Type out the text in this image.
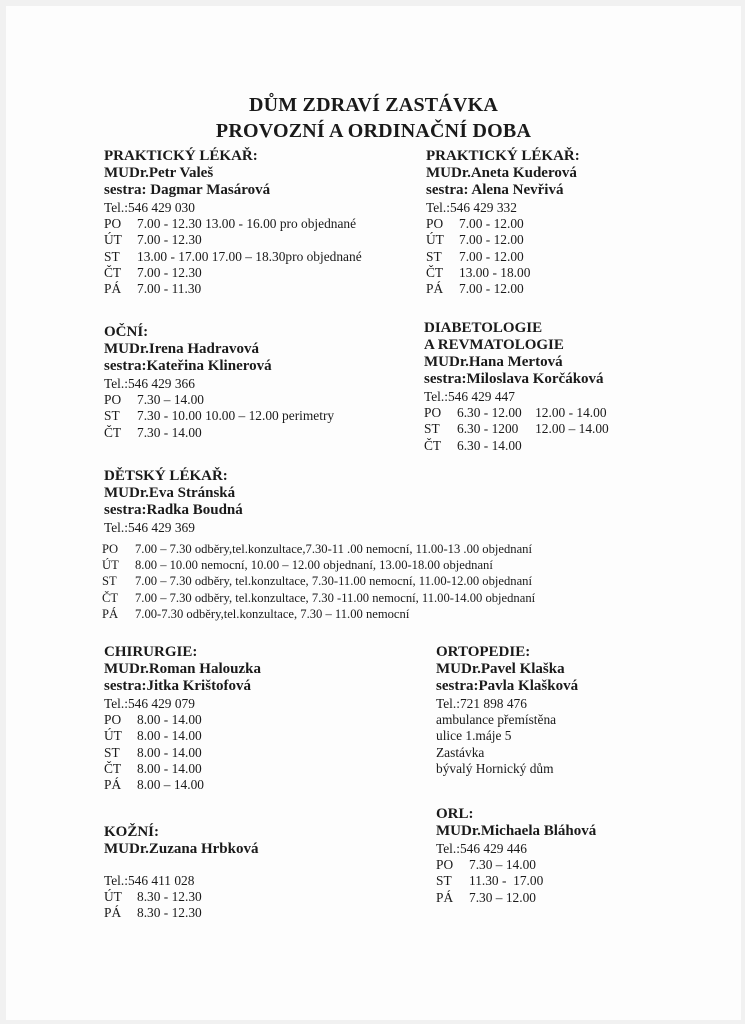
DŮM ZDRAVÍ ZASTÁVKA
PROVOZNÍ A ORDINAČNÍ DOBA
PRAKTICKÝ LÉKAŘ:
MUDr.Petr Valeš
sestra: Dagmar Masárová
Tel.:546 429 030
PO 7.00 - 12.30 13.00 - 16.00 pro objednané
ÚT 7.00 - 12.30
ST 13.00 - 17.00 17.00 – 18.30pro objednané
ČT 7.00 - 12.30
PÁ 7.00 - 11.30
PRAKTICKÝ LÉKAŘ:
MUDr.Aneta Kuderová
sestra: Alena Nevřivá
Tel.:546 429 332
PO 7.00 - 12.00
ÚT 7.00 - 12.00
ST 7.00 - 12.00
ČT 13.00 - 18.00
PÁ 7.00 - 12.00
OČNÍ:
MUDr.Irena Hadravová
sestra:Kateřina Klinerová
Tel.:546 429 366
PO 7.30 – 14.00
ST 7.30 - 10.00 10.00 – 12.00 perimetry
ČT 7.30 - 14.00
DIABETOLOGIE
A REVMATOLOGIE
MUDr.Hana Mertová
sestra:Miloslava Korčáková
Tel.:546 429 447
PO 6.30 - 12.00    12.00 - 14.00
ST 6.30 - 1200     12.00 – 14.00
ČT 6.30 - 14.00
DĚTSKÝ LÉKAŘ:
MUDr.Eva Stránská
sestra:Radka Boudná
Tel.:546 429 369
PO 7.00 – 7.30 odběry,tel.konzultace,7.30-11 .00 nemocní, 11.00-13 .00 objednaní
ÚT 8.00 – 10.00 nemocní, 10.00 – 12.00 objednaní, 13.00-18.00 objednaní
ST 7.00 – 7.30 odběry, tel.konzultace, 7.30-11.00 nemocní, 11.00-12.00 objednaní
ČT 7.00 – 7.30 odběry, tel.konzultace, 7.30 -11.00 nemocní, 11.00-14.00 objednaní
PÁ 7.00-7.30 odběry,tel.konzultace, 7.30 – 11.00 nemocní
CHIRURGIE:
MUDr.Roman Halouzka
sestra:Jitka Krištofová
Tel.:546 429 079
PO 8.00 - 14.00
ÚT 8.00 - 14.00
ST 8.00 - 14.00
ČT 8.00 - 14.00
PÁ 8.00 – 14.00
ORTOPEDIE:
MUDr.Pavel Klaška
sestra:Pavla Klašková
Tel.:721 898 476
ambulance přemístěna
ulice 1.máje 5
Zastávka
bývalý Hornický dům
KOŽNÍ:
MUDr.Zuzana Hrbková
Tel.:546 411 028
ÚT 8.30 - 12.30
PÁ 8.30 - 12.30
ORL:
MUDr.Michaela Bláhová
Tel.:546 429 446
PO 7.30 – 14.00
ST 11.30 -  17.00
PÁ 7.30 – 12.00
